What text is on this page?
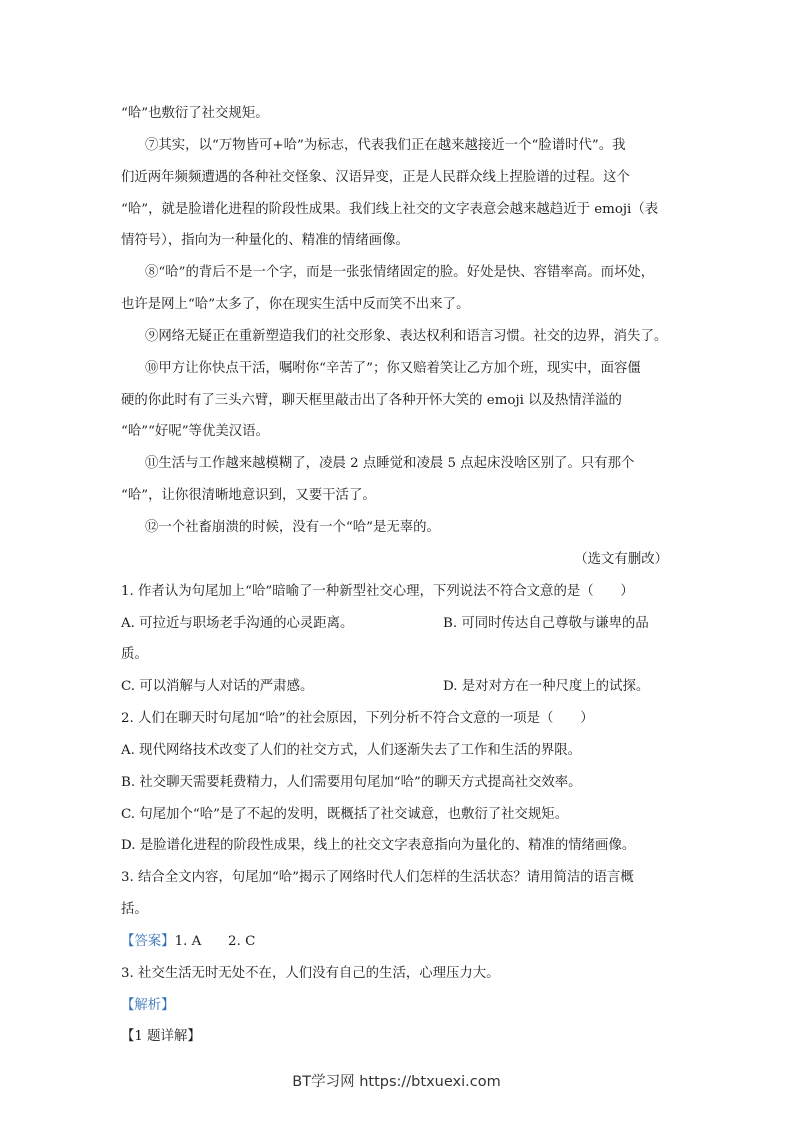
“哈”也敷衍了社交规矩。
⑦其实，以“万物皆可+哈”为标志，代表我们正在越来越接近一个“脸谱时代”。我
们近两年频频遭遇的各种社交怪象、汉语异变，正是人民群众线上捏脸谱的过程。这个
“哈”，就是脸谱化进程的阶段性成果。我们线上社交的文字表意会越来越趋近于 emoji（表
情符号），指向为一种量化的、精准的情绪画像。
⑧“哈”的背后不是一个字，而是一张张情绪固定的脸。好处是快、容错率高。而坏处，
也许是网上“哈”太多了，你在现实生活中反而笑不出来了。
⑨网络无疑正在重新塑造我们的社交形象、表达权利和语言习惯。社交的边界，消失了。
⑩甲方让你快点干活，嘱咐你“辛苦了”；你又赔着笑让乙方加个班，现实中，面容僵
硬的你此时有了三头六臂，聊天框里敲击出了各种开怀大笑的 emoji 以及热情洋溢的
“哈”“好呢”等优美汉语。
⑪生活与工作越来越模糊了，凌晨 2 点睡觉和凌晨 5 点起床没啥区别了。只有那个
“哈”，让你很清晰地意识到，又要干活了。
⑫一个社畜崩溃的时候，没有一个“哈”是无辜的。
（选文有删改）
1. 作者认为句尾加上“哈”暗喻了一种新型社交心理，下列说法不符合文意的是（　　）
A. 可拉近与职场老手沟通的心灵距离。	B. 可同时传达自己尊敬与谦卑的品
质。
C. 可以消解与人对话的严肃感。	D. 是对对方在一种尺度上的试探。
2. 人们在聊天时句尾加“哈”的社会原因，下列分析不符合文意的一项是（　　）
A. 现代网络技术改变了人们的社交方式，人们逐渐失去了工作和生活的界限。
B. 社交聊天需要耗费精力，人们需要用句尾加“哈”的聊天方式提高社交效率。
C. 句尾加个“哈”是了不起的发明，既概括了社交诚意，也敷衍了社交规矩。
D. 是脸谱化进程的阶段性成果，线上的社交文字表意指向为量化的、精准的情绪画像。
3. 结合全文内容，句尾加“哈”揭示了网络时代人们怎样的生活状态？请用简洁的语言概
括。
【答案】1. A　　2. C
3. 社交生活无时无处不在，人们没有自己的生活，心理压力大。
【解析】
【1 题详解】
BT学习网 https://btxuexi.com
